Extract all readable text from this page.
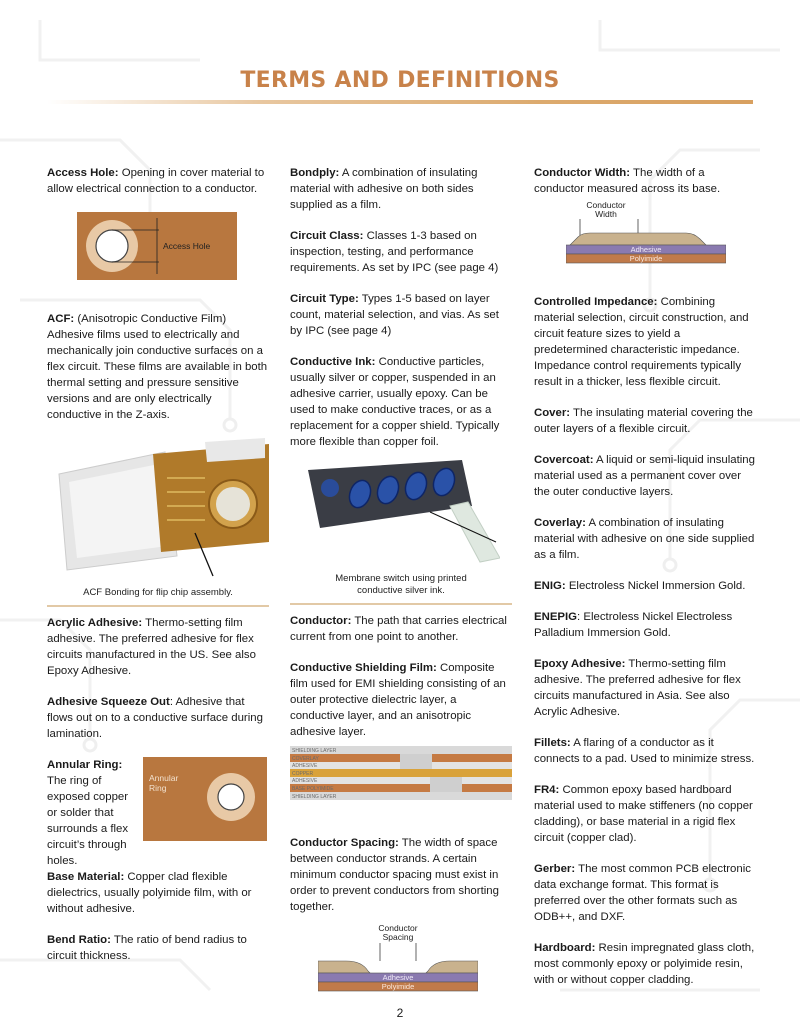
TERMS AND DEFINITIONS

Access Hole: Opening in cover material to allow electrical connection to a conductor.

Access Hole

ACF: (Anisotropic Conductive Film) Adhesive films used to electrically and mechanically join conductive surfaces on a flex circuit. These films are available in both thermal setting and pressure sensitive versions and are only electrically conductive in the Z-axis.

ACF Bonding for flip chip assembly.

Acrylic Adhesive: Thermo-setting film adhesive. The preferred adhesive for flex circuits manufactured in the US. See also Epoxy Adhesive.

Adhesive Squeeze Out: Adhesive that flows out on to a conductive surface during lamination.

Annular Ring: The ring of exposed copper or solder that surrounds a flex circuit’s through holes.
Annular
Ring

Base Material: Copper clad flexible dielectrics, usually polyimide film, with or without adhesive.

Bend Ratio: The ratio of bend radius to circuit thickness.

Bondply: A combination of insulating material with adhesive on both sides supplied as a film.

Circuit Class: Classes 1-3 based on inspection, testing, and performance requirements. As set by IPC (see page 4)

Circuit Type: Types 1-5 based on layer count, material selection, and vias. As set by IPC (see page 4)

Conductive Ink: Conductive particles, usually silver or copper, suspended in an adhesive carrier, usually epoxy. Can be used to make conductive traces, or as a replacement for a copper shield. Typically more flexible than copper foil.

Membrane switch using printed
conductive silver ink.

Conductor: The path that carries electrical current from one point to another.

Conductive Shielding Film: Composite film used for EMI shielding consisting of an outer protective dielectric layer, a conductive layer, and an anisotropic adhesive layer.

SHIELDING LAYER
COVERLAY
ADHESIVE
COPPER
ADHESIVE
BASE POLYIMIDE
SHIELDING LAYER

Conductor Spacing: The width of space between conductor strands. A certain minimum conductor spacing must exist in order to prevent conductors from shorting together.

Conductor
Spacing
Adhesive
Polyimide

Conductor Width: The width of a conductor measured across its base.

Conductor
Width
Adhesive
Polyimide

Controlled Impedance: Combining material selection, circuit construction, and circuit feature sizes to yield a predetermined characteristic impedance. Impedance control requirements typically result in a thicker, less flexible circuit.

Cover: The insulating material covering the outer layers of a flexible circuit.

Covercoat: A liquid or semi-liquid insulating material used as a permanent cover over the outer conductive layers.

Coverlay: A combination of insulating material with adhesive on one side supplied as a film.

ENIG: Electroless Nickel Immersion Gold.

ENEPIG: Electroless Nickel Electroless Palladium Immersion Gold.

Epoxy Adhesive: Thermo-setting film adhesive. The preferred adhesive for flex circuits manufactured in Asia. See also Acrylic Adhesive.

Fillets: A flaring of a conductor as it connects to a pad. Used to minimize stress.

FR4: Common epoxy based hardboard material used to make stiffeners (no copper cladding), or base material in a rigid flex circuit (copper clad).

Gerber: The most common PCB electronic data exchange format. This format is preferred over the other formats such as ODB++, and DXF.

Hardboard: Resin impregnated glass cloth, most commonly epoxy or polyimide resin, with or without copper cladding.

2
